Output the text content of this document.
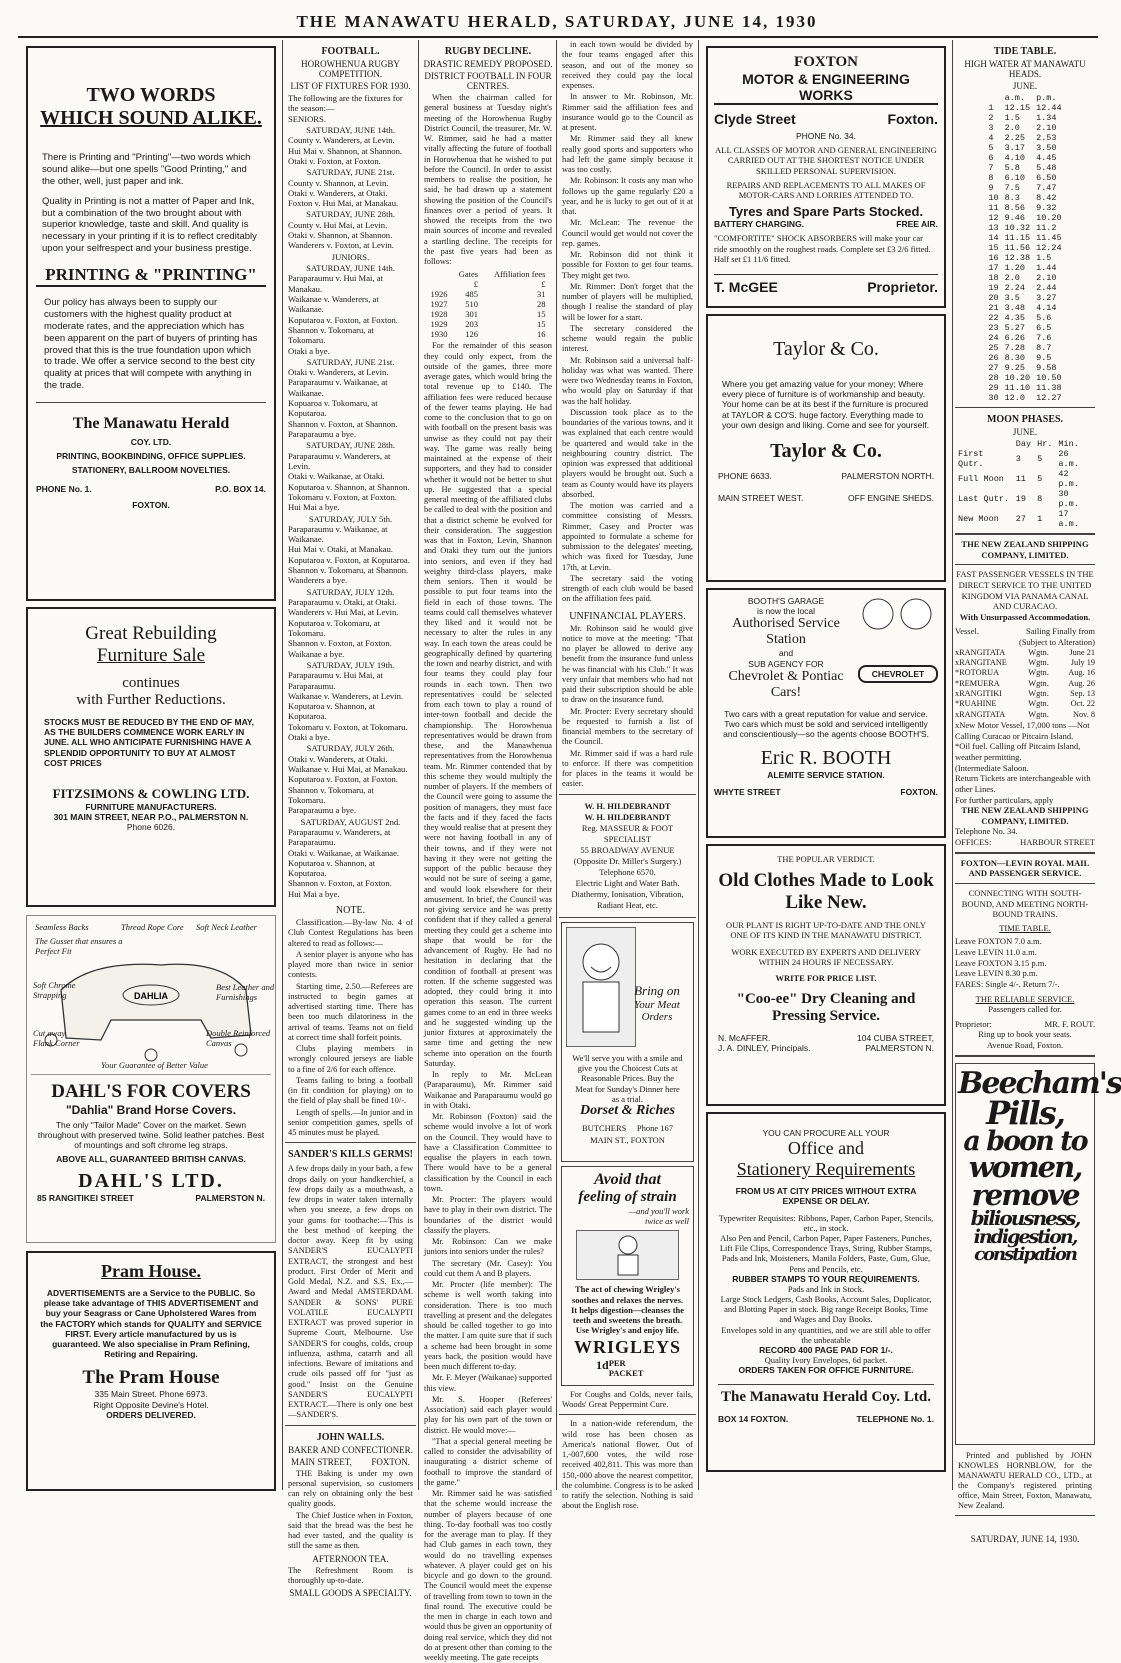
THE MANAWATU HERALD, SATURDAY, JUNE 14, 1930
TWO WORDS
WHICH SOUND ALIKE.
There is Printing and "Printing"—two words which sound alike—but one spells "Good Printing," and the other, well, just paper and ink.
Quality in Printing is not a matter of Paper and Ink, but a combination of the two brought about with superior knowledge, taste and skill. And quality is necessary in your printing if it is to reflect creditably upon your selfrespect and your business prestige.
PRINTING & "PRINTING"
Our policy has always been to supply our customers with the highest quality product at moderate rates, and the appreciation which has been apparent on the part of buyers of printing has proved that this is the true foundation upon which to trade. We offer a service second to the best city quality at prices that will compete with anything in the trade.
The Manawatu Herald
COY. LTD.
PRINTING, BOOKBINDING, OFFICE SUPPLIES.
STATIONERY, BALLROOM NOVELTIES.
PHONE No. 1.	P.O. BOX 14.
FOXTON.
Great Rebuilding
Furniture Sale
continues
with Further Reductions.
STOCKS MUST BE REDUCED BY THE END OF MAY, AS THE BUILDERS COMMENCE WORK EARLY IN JUNE. ALL WHO ANTICIPATE FURNISHING HAVE A SPLENDID OPPORTUNITY TO BUY AT ALMOST COST PRICES
FITZSIMONS & COWLING LTD.
FURNITURE MANUFACTURERS.
301 MAIN STREET, NEAR P.O., PALMERSTON N.
Phone 6026.
DAHLIA
Seamless Backs	Thread Rope Core Soft Neck Leather
The Gusset that ensures a Perfect Fit
Soft Chrome Strapping
Best Leather and Furnishings
Cut away Flank Corner
Double Reinforced Canvas
Your Guarantee of Better Value
DAHL'S FOR COVERS
"Dahlia" Brand Horse Covers.
The only "Tailor Made" Cover on the market. Sewn throughout with preserved twine. Solid leather patches. Best of mountings and soft chrome leg straps.
ABOVE ALL, GUARANTEED BRITISH CANVAS.
DAHL'S LTD.
85 RANGITIKEI STREET	PALMERSTON N.
Pram House.
ADVERTISEMENTS are a Service to the PUBLIC. So please take advantage of THIS ADVERTISEMENT and buy your Seagrass or Cane Upholstered Wares from the FACTORY which stands for QUALITY and SERVICE FIRST. Every article manufactured by us is guaranteed. We also specialise in Pram Refining, Retiring and Repairing.
The Pram House
335 Main Street. Phone 6973.
Right Opposite Devine's Hotel.
ORDERS DELIVERED.
FOOTBALL.
HOROWHENUA RUGBY COMPETITION.
LIST OF FIXTURES FOR 1930.
The following are the fixtures for the season:—
SENIORS.
SATURDAY, JUNE 14th.
County v. Wanderers, at Levin.
Hui Mai v. Shannon, at Shannon.
Otaki v. Foxton, at Foxton.
SATURDAY, JUNE 21st.
County v. Shannon, at Levin.
Otaki v. Wanderers, at Otaki.
Foxton v. Hui Mai, at Manakau.
SATURDAY, JUNE 28th.
County v. Hui Mai, at Levin.
Otaki v. Shannon, at Shannon.
Wanderers v. Foxton, at Levin.
JUNIORS.
SATURDAY, JUNE 14th.
Paraparaumu v. Hui Mai, at Manakau.
Waikanae v. Wanderers, at Waikanae.
Koputaroa v. Foxton, at Foxton.
Shannon v. Tokomaru, at Tokomaru.
Otaki a bye.
SATURDAY, JUNE 21st.
Otaki v. Wanderers, at Levin.
Paraparaumu v. Waikanae, at Waikanae.
Kopuaroa v. Tokomaru, at Koputaroa.
Shannon v. Foxton, at Shannon.
Paraparaumu a bye.
SATURDAY, JUNE 28th.
Paraparaumu v. Wanderers, at Levin.
Otaki v. Waikanae, at Otaki.
Koputaroa v. Shannon, at Shannon.
Tokomaru v. Foxton, at Foxton.
Hui Mai a bye.
SATURDAY, JULY 5th.
Paraparaumu v. Waikanae, at Waikanae.
Hui Mai v. Otaki, at Manakau.
Koputaroa v. Foxton, at Koputaroa.
Shannon v. Tokomaru, at Shannon.
Wanderers a bye.
SATURDAY, JULY 12th.
Paraparaumu v. Otaki, at Otaki.
Wanderers v. Hui Mai, at Levin.
Koputaroa v. Tokomaru, at Tokomaru.
Shannon v. Foxton, at Foxton.
Waikanae a bye.
SATURDAY, JULY 19th.
Paraparaumu v. Hui Mai, at Paraparaumu.
Waikanae v. Wanderers, at Levin.
Koputaroa v. Shannon, at Koputaroa.
Tokomaru v. Foxton, at Tokomaru.
Otaki a bye.
SATURDAY, JULY 26th.
Otaki v. Wanderers, at Otaki.
Waikanae v. Hui Mai, at Manakau.
Koputaroa v. Foxton, at Foxton.
Shannon v. Tokomaru, at Tokomaru.
Paraparaumu a bye.
SATURDAY, AUGUST 2nd.
Paraparaumu v. Wanderers, at Paraparaumu.
Otaki v. Waikanae, at Waikanae.
Koputaroa v. Shannon, at Koputaroa.
Shannon v. Foxton, at Foxton.
Hui Mai a bye.
NOTE.

Classification.—By-law No. 4 of Club Contest Regulations has been altered to read as follows:—

A senior player is anyone who has played more than twice in senior contests.

Starting time, 2.50.—Referees are instructed to begin games at advertised starting time. There has been too much dilatoriness in the arrival of teams. Teams not on field at correct time shall forfeit points.

Clubs playing members in wrongly coloured jerseys are liable to a fine of 2/6 for each offence.

Teams failing to bring a football (in fit condition for playing) on to the field of play shall be fined 10/-.

Length of spells.—In junior and in senior competition games, spells of 45 minutes must be played.

SANDER'S KILLS GERMS!
A few drops daily in your bath, a few drops daily on your handkerchief, a few drops daily as a mouthwash, a few drops in water taken internally when you sneeze, a few drops on your gums for toothache:—This is the best method of keeping the doctor away. Keep fit by using SANDER'S EUCALYPTI EXTRACT, the strongest and best product. First Order of Merit and Gold Medal, N.Z. and S.S. Ex.,—Award and Medal AMSTERDAM. SANDER & SONS' PURE VOLATILE EUCALYPTI EXTRACT was proved superior in Supreme Court, Melbourne. Use SANDER'S for coughs, colds, croup influenza, asthma, catarrh and all infections. Beware of imitations and crude oils passed off for "just as good." Insist on the Genuine SANDER'S EUCALYPTI EXTRACT.—There is only one best —SANDER'S.
JOHN WALLS.
BAKER AND CONFECTIONER.
MAIN STREET, FOXTON.

THE Baking is under my own personal supervision, so customers can rely on obtaining only the best quality goods.

The Chief Justice when in Foxton, said that the bread was the best he had ever tasted, and the quality is still the same as then.

AFTERNOON TEA.
The Refreshment Room is thoroughly up-to-date.
SMALL GOODS A SPECIALTY.
RUGBY DECLINE.
DRASTIC REMEDY PROPOSED.
DISTRICT FOOTBALL IN FOUR CENTRES.

When the chairman called for general business at Tuesday night's meeting of the Horowhenua Rugby District Council, the treasurer, Mr. W. W. Rimmer, said he had a matter vitally affecting the future of football in Horowhenua that he wished to put before the Council. In order to assist members to realise the position, he said, he had drawn up a statement showing the position of the Council's finances over a period of years. It showed the receipts from the two main sources of income and revealed a startling decline. The receipts for the past five years had been as follows:

	Gates	Affiliation fees
	£	£
1926	485	31
1927	510	28
1928	301	15
1929	203	15
1930	126	16

For the remainder of this season they could only expect, from the outside of the games, three more average gates, which would bring the total revenue up to £140. The affiliation fees were reduced because of the fewer teams playing. He had come to the conclusion that to go on with football on the present basis was unwise as they could not pay their way. The game was really being maintained at the expense of their supporters, and they had to consider whether it would not be better to shut up. He suggested that a special general meeting of the affiliated clubs be called to deal with the position and that a district scheme be evolved for their consideration. The suggestion was that in Foxton, Levin, Shannon and Otaki they turn out the juniors into seniors, and even if they had weighty third-class players, make them seniors. Then it would be possible to put four teams into the field in each of those towns. The teams could call themselves whatever they liked and it would not be necessary to alter the rules in any way. In each town the areas could be geographically defined by quartering the town and nearby district, and with four teams they could play four rounds in each town. Then two representatives could be selected from each town to play a round of inter-town football and decide the championship. The Horowhenua representatives would be drawn from these, and the Manawhenua representatives from the Horowhenua team. Mr. Rimmer contended that by this scheme they would multiply the number of players. If the members of the Council were going to assume the position of managers, they must face the facts and if they faced the facts they would realise that at present they were not having football in any of their towns, and if they were not having it they were not getting the support of the public because they would not be sure of seeing a game, and would look elsewhere for their amusement. In brief, the Council was not giving service and he was pretty confident that if they called a general meeting they could get a scheme into shape that would be for the advancement of Rugby. He had no hesitation in declaring that the condition of football at present was rotten. If the scheme suggested was adopted, they could bring it into operation this season. The current games come to an end in three weeks and he suggested winding up the junior fixtures at approximately the same time and getting the new scheme into operation on the fourth Saturday.

In reply to Mr. McLean (Paraparaumu), Mr. Rimmer said Waikanae and Paraparaumu would go in with Otaki.

Mr. Robinson (Foxton) said the scheme would involve a lot of work on the Council. They would have to have a Classification Committee to equalise the players in each town. There would have to be a general classification by the Council in each town.

Mr. Procter: The players would have to play in their own district. The boundaries of the district would classify the players.

Mr. Robinson: Can we make juniors into seniors under the rules?

The secretary (Mr. Casey): You could cut them A and B players.

Mr. Procter (life member): The scheme is well worth taking into consideration. There is too much travelling at present and the delegates should be called together to go into the matter. I am quite sure that if such a scheme had been brought in some years back, the position would have been much different to-day.

Mr. F. Meyer (Waikanae) supported this view.

Mr. S. Hooper (Referees' Association) said each player would play for his own part of the town or district. He would move:—

"That a special general meeting be called to consider the advisability of inaugurating a district scheme of football to improve the standard of the game."

Mr. Rimmer said he was satisfied that the scheme would increase the number of players because of one thing. To-day football was too costly for the average man to play. If they had Club games in each town, they would do no travelling expenses whatever. A player could get on his bicycle and go down to the ground. The Council would meet the expense of travelling from town to town in the final round. The executive could be the men in charge in each town and would thus be given an opportunity of doing real service, which they did not do at present other than coming to the weekly meeting. The gate receipts

in each town would be divided by the four teams engaged after this season, and out of the money so received they could pay the local expenses.

In answer to Mr. Robinson, Mr. Rimmer said the affiliation fees and insurance would go to the Council as at present.

Mr. Rimmer said they all knew really good sports and supporters who had left the game simply because it was too costly.

Mr. Robinson: It costs any man who follows up the game regularly £20 a year, and he is lucky to get out of it at that.

Mr. McLean: The revenue the Council would get would not cover the rep. games.

Mr. Robinson did not think it possible for Foxton to get four teams. They might get two.

Mr. Rimmer: Don't forget that the number of players will be multiplied, though I realise the standard of play will be lower for a start.

The secretary considered the scheme would regain the public interest.

Mr. Robinson said a universal half-holiday was what was wanted. There were two Wednesday teams in Foxton, who would play on Saturday if that was the half holiday.

Discussion took place as to the boundaries of the various towns, and it was explained that each centre would be quartered and would take in the neighbouring country district. The opinion was expressed that additional players would be brought out. Such a team as County would have its players absorbed.

The motion was carried and a committee consisting of Messrs. Rimmer, Casey and Procter was appointed to formulate a scheme for submission to the delegates' meeting, which was fixed for Tuesday, June 17th, at Levin.

The secretary said the voting strength of each club would be based on the affiliation fees paid.

UNFINANCIAL PLAYERS.

Mr. Robinson said he would give notice to move at the meeting: "That no player be allowed to derive any benefit from the insurance fund unless he was financial with his Club." It was very unfair that members who had not paid their subscription should be able to draw on the insurance fund.

Mr. Procter: Every secretary should be requested to furnish a list of financial members to the secretary of the Council.

Mr. Rimmer said if was a hard rule to enforce. If there was competition for places in the teams it would be easier.

W. H. HILDEBRANDT
W. H. HILDEBRANDT
Reg. MASSEUR & FOOT SPECIALIST
55 BROADWAY AVENUE
(Opposite Dr. Miller's Surgery.)
Telephone 6570.
Electric Light and Water Bath. Diathermy, Ionisation, Vibration, Radiant Heat, etc.
Bring on
Your Meat Orders
We'll serve you with a smile and give you the Choicest Cuts at Reasonable Prices. Buy the Meat for Sunday's Dinner here as a trial.
Dorset & Riches
BUTCHERS Phone 167
MAIN ST., FOXTON
Avoid that
feeling of strain
—and you'll work twice as well
The act of chewing Wrigley's soothes and relaxes the nerves. It helps digestion—cleanses the teeth and sweetens the breath. Use Wrigley's and enjoy life.
WRIGLEYS
1d PER PACKET

For Coughs and Colds, never fails, Woods' Great Peppermint Cure.

In a nation-wide referendum, the wild rose has been chosen as America's national flower. Out of 1,-007,600 votes, the wild rose received 402,811. This was more than 150,-000 above the nearest competitor, the columbine. Congress is to be asked to ratify the selection. Nothing is said about the English rose.

FOXTON
MOTOR & ENGINEERING WORKS
Clyde Street	Foxton.
PHONE No. 34.
ALL CLASSES OF MOTOR AND GENERAL ENGINEERING CARRIED OUT AT THE SHORTEST NOTICE UNDER SKILLED PERSONAL SUPERVISION.
REPAIRS AND REPLACEMENTS TO ALL MAKES OF MOTOR-CARS AND LORRIES ATTENDED TO.
Tyres and Spare Parts Stocked.
BATTERY CHARGING.	FREE AIR.
"COMFORTITE" SHOCK ABSORBERS will make your car ride smoothly on the roughest roads. Complete set £3 2/6 fitted. Half set £1 11/6 fitted.
T. McGEE	Proprietor.
Taylor & Co.
Where you get amazing value for your money; Where every piece of furniture is of workmanship and beauty. Your home can be at its best if the furniture is procured at TAYLOR & CO'S. huge factory. Everything made to your own design and liking. Come and see for yourself.
Taylor & Co.
PHONE 6633.	PALMERSTON NORTH.
MAIN STREET WEST.	OFF ENGINE SHEDS.
BOOTH'S GARAGE
is now the local
Authorised Service Station
and
SUB AGENCY FOR
Chevrolet & Pontiac Cars!
CHEVROLET
Two cars with a great reputation for value and service. Two cars which must be sold and serviced intelligently and conscientiously—so the agents choose BOOTH'S.
Eric R. BOOTH
ALEMITE SERVICE STATION.
WHYTE STREET	FOXTON.
THE POPULAR VERDICT.
Old Clothes Made to Look Like New.
OUR PLANT IS RIGHT UP-TO-DATE AND THE ONLY ONE OF ITS KIND IN THE MANAWATU DISTRICT.
WORK EXECUTED BY EXPERTS AND DELIVERY WITHIN 24 HOURS IF NECESSARY.
WRITE FOR PRICE LIST.
"Coo-ee" Dry Cleaning and Pressing Service.
N. McAFFER.	104 CUBA STREET,
J. A. DINLEY, Principals.	PALMERSTON N.
YOU CAN PROCURE ALL YOUR
Office and
Stationery Requirements
FROM US AT CITY PRICES WITHOUT EXTRA EXPENSE OR DELAY.
Typewriter Requisites: Ribbons, Paper, Carbon Paper, Stencils, etc., in stock.
Also Pen and Pencil, Carbon Paper, Paper Fasteners, Punches, Lift File Clips, Correspondence Trays, String, Rubber Stamps, Pads and Ink, Moisteners, Manila Folders, Paste, Gum, Glue, Pens and Pencils, etc.
RUBBER STAMPS TO YOUR REQUIREMENTS.
Pads and Ink in Stock.
Large Stock Ledgers, Cash Books, Account Sales, Duplicator, and Blotting Paper in stock. Big range Receipt Books, Time and Wages and Day Books.
Envelopes sold in any quantities, and we are still able to offer the unbeatable
RECORD 400 PAGE PAD FOR 1/-.
Quality Ivory Envelopes, 6d packet.
ORDERS TAKEN FOR OFFICE FURNITURE.
The Manawatu Herald Coy. Ltd.
BOX 14 FOXTON.	TELEPHONE No. 1.
TIDE TABLE.
HIGH WATER AT MANAWATU HEADS.
JUNE.
	a.m.	p.m.
1	12.15	12.44
2	1.5	1.34
3	2.0	2.10
4	2.25	2.53
5	3.17	3.50
6	4.10	4.45
7	5.8	5.48
8	6.10	6.50
9	7.5	7.47
10	8.3	8.42
11	8.56	9.32
12	9.46	10.20
13	10.32	11.2
14	11.15	11.45
15	11.56	12.24
16	12.38	1.5
17	1.20	1.44
18	2.0	2.10
19	2.24	2.44
20	3.5	3.27
21	3.48	4.14
22	4.35	5.6
23	5.27	6.5
24	6.26	7.6
25	7.28	8.7
26	8.30	9.5
27	9.25	9.58
28	10.20	10.50
29	11.10	11.38
30	12.0	12.27
MOON PHASES.
JUNE.
	Day	Hr.	Min.
First Qutr.	3	5	26 a.m.
Full Moon	11	5	42 p.m.
Last Qutr.	19	8	30 p.m.
New Moon	27	1	17 a.m.
THE NEW ZEALAND SHIPPING COMPANY, LIMITED.
FAST PASSENGER VESSELS IN THE DIRECT SERVICE TO THE UNITED KINGDOM VIA PANAMA CANAL AND CURACAO.
With Unsurpassed Accommodation.
Vessel.	Sailing Finally from
(Subject to Alteration)
xRANGITATA	Wgtn.	June 21
xRANGITANE	Wgtn.	July 19
*ROTORUA	Wgtn.	Aug. 16
*REMUERA	Wgtn.	Aug. 26
xRANGITIKI	Wgtn.	Sep. 13
*RUAHINE	Wgtn.	Oct. 22
xRANGITATA	Wgtn.	Nov. 8
xNew Motor Vessel, 17,000 tons —Not Calling Curacao or Pitcairn Island.
*Oil fuel. Calling off Pitcairn Island, weather permitting.
(Intermediate Saloon.
Return Tickets are interchangeable with other Lines.
For further particulars, apply
THE NEW ZEALAND SHIPPING COMPANY, LIMITED.
Telephone No. 34.
OFFICES:	HARBOUR STREET
FOXTON—LEVIN ROYAL MAIL AND PASSENGER SERVICE.
CONNECTING WITH SOUTH-BOUND, AND MEETING NORTH-BOUND TRAINS.
TIME TABLE.
Leave FOXTON 7.0 a.m.
Leave LEVIN 11.0 a.m.
Leave FOXTON 3.15 p.m.
Leave LEVIN 8.30 p.m.
FARES: Single 4/-. Return 7/-.
THE RELIABLE SERVICE.
Passengers called for.
Proprietor:	MR. F. ROUT.
Ring up to book your seats.
Avenue Road, Foxton.
Beecham's
Pills,
a boon to
women,
remove
biliousness,
indigestion,
constipation

Printed and published by JOHN KNOWLES HORNBLOW, for the MANAWATU HERALD CO., LTD., at the Company's registered printing office, Main Street, Foxton, Manawatu, New Zealand.

SATURDAY, JUNE 14, 1930.
